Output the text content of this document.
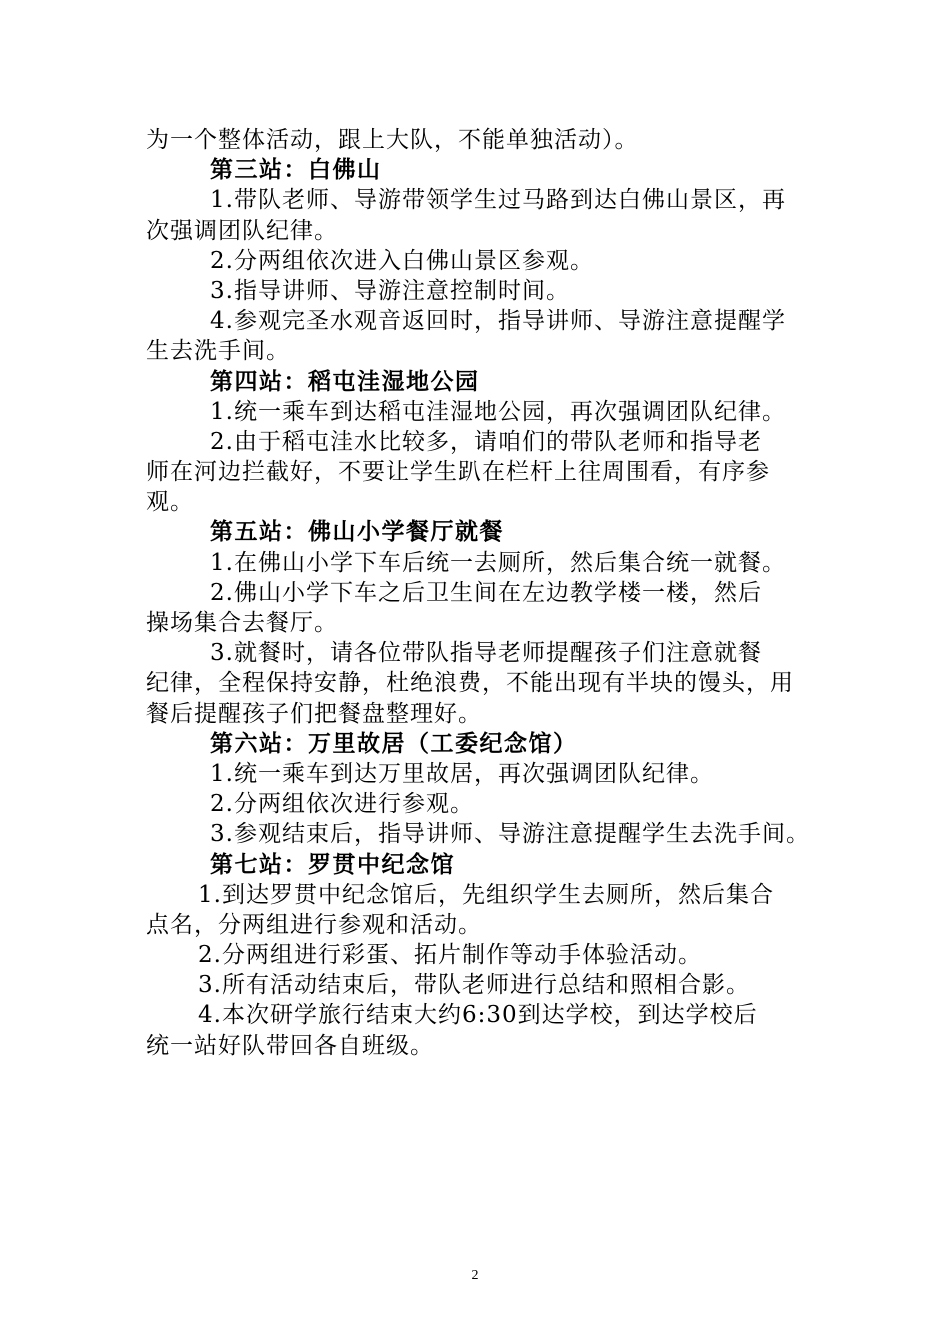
为一个整体活动，跟上大队，不能单独活动）。
第三站：白佛山
1.带队老师、导游带领学生过马路到达白佛山景区，再
次强调团队纪律。
2.分两组依次进入白佛山景区参观。
3.指导讲师、导游注意控制时间。
4.参观完圣水观音返回时，指导讲师、导游注意提醒学
生去洗手间。
第四站：稻屯洼湿地公园
1.统一乘车到达稻屯洼湿地公园，再次强调团队纪律。
2.由于稻屯洼水比较多，请咱们的带队老师和指导老
师在河边拦截好，不要让学生趴在栏杆上往周围看，有序参
观。
第五站：佛山小学餐厅就餐
1.在佛山小学下车后统一去厕所，然后集合统一就餐。
2.佛山小学下车之后卫生间在左边教学楼一楼，然后
操场集合去餐厅。
3.就餐时，请各位带队指导老师提醒孩子们注意就餐
纪律，全程保持安静，杜绝浪费，不能出现有半块的馒头，用
餐后提醒孩子们把餐盘整理好。
第六站：万里故居（工委纪念馆）
1.统一乘车到达万里故居，再次强调团队纪律。
2.分两组依次进行参观。
3.参观结束后，指导讲师、导游注意提醒学生去洗手间。
第七站：罗贯中纪念馆
1.到达罗贯中纪念馆后，先组织学生去厕所，然后集合
点名，分两组进行参观和活动。
2.分两组进行彩蛋、拓片制作等动手体验活动。
3.所有活动结束后，带队老师进行总结和照相合影。
4.本次研学旅行结束大约6:30到达学校，到达学校后
统一站好队带回各自班级。
2
